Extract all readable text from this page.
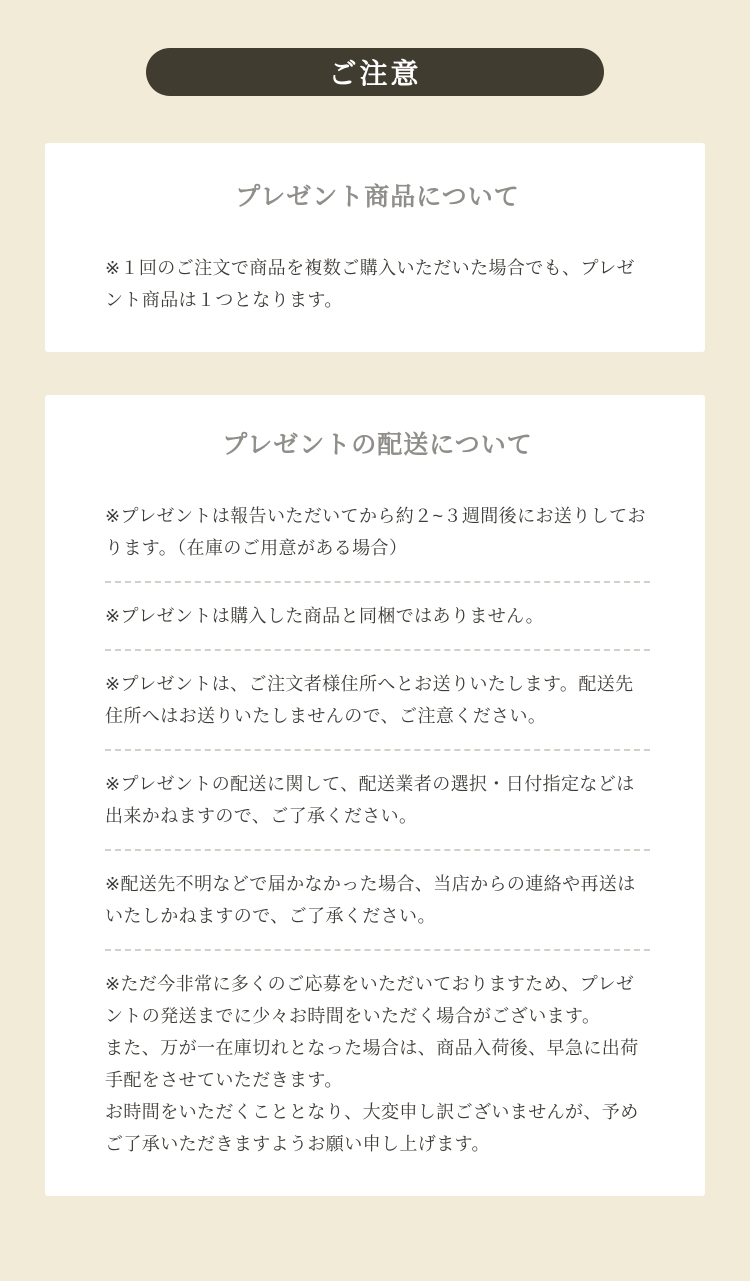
ご注意
プレゼント商品について

※１回のご注文で商品を複数ご購入いただいた場合でも、プレゼント商品は１つとなります。

プレゼントの配送について

※プレゼントは報告いただいてから約２~３週間後にお送りしております。（在庫のご用意がある場合）

※プレゼントは購入した商品と同梱ではありません。

※プレゼントは、ご注文者様住所へとお送りいたします。配送先住所へはお送りいたしませんので、ご注意ください。

※プレゼントの配送に関して、配送業者の選択・日付指定などは出来かねますので、ご了承ください。

※配送先不明などで届かなかった場合、当店からの連絡や再送はいたしかねますので、ご了承ください。

※ただ今非常に多くのご応募をいただいておりますため、プレゼントの発送までに少々お時間をいただく場合がございます。

また、万が一在庫切れとなった場合は、商品入荷後、早急に出荷手配をさせていただきます。

お時間をいただくこととなり、大変申し訳ございませんが、予めご了承いただきますようお願い申し上げます。
